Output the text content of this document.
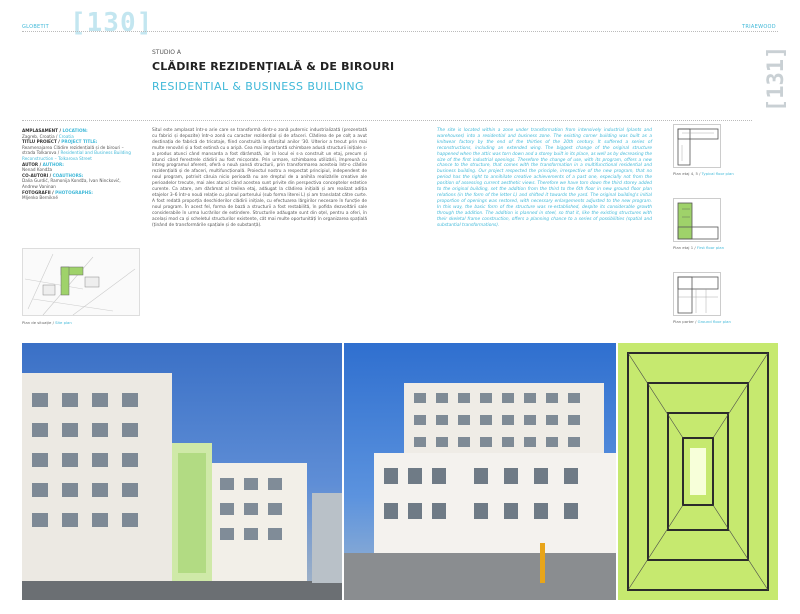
GLOBETIT [130]	TRIAEWOOD
[131]
STUDIO A
CLĂDIRE REZIDENȚIALĂ & DE BIROURI
RESIDENTIAL & BUSINESS BUILDING
AMPLASAMENT / LOCATION:
Zagreb, Croația / Croatia
TITLU PROIECT / PROJECT TITLE:
Reamenajarea Clădire rezidențială și de birouri – strada Tolkarova / Residential and Business Building Reconstruction – Tolkarova Street
AUTOR / AUTHOR:
Nenad Kondža
CO-AUTORI / COAUTHORS:
Dalia Gurdić, Ramonija Kondža, Ivan Nincković, Andrew Vaninan
FOTOGRAFII / PHOTOGRAPHS:
Mljenko Bernikné
Plan de situație / Site plan
Situl este amplasat într-o arie care se transformă dintr-o zonă puternic industrializată (prezentată cu fabrici și depozite) într-o zonă cu caracter rezidențial și de afaceri. Clădirea de pe colț a avut destinația de fabrică de tricotaje, fiind construită la sfârșitul anilor '30. Ulterior a trecut prin mai multe renovări și a fost extinsă cu o aripă. Cea mai importantă schimbare adusă structurii inițiale s-a produs atunci când mansarda a fost dărâmată, iar în locul ei s-a construit un etaj, precum și atunci când ferestrele clădirii au fost micșorate. Prin urmare, schimbarea utilizării, împreună cu întreg programul aferent, oferă o nouă șansă structurii, prin transformarea acesteia într-o clădire rezidențială și de afaceri, multifuncțională. Proiectul nostru a respectat principiul, independent de noul program, potrivit căruia nicio perioadă nu are dreptul de a anihila realizările creative ale perioadelor trecute, mai ales atunci când acestea sunt privite din perspectiva conceptelor estetice curente. Ca atare, am dărâmat al treilea etaj, adăugat la clădirea inițială și am realizat adiția etajelor 3–6 într-o nouă relație cu planul parterului (sub forma literei L) și am translatat către curte. A fost redată proporția deschiderilor clădirii inițiale, cu efectuarea lărgirilor necesare în funcție de noul program. În acest fel, forma de bază a structurii a fost restabilită, în pofida dezvoltării sale considerabile în urma lucrărilor de extindere. Structurile adăugate sunt din oțel, pentru a oferi, în același mod ca și scheletul structurilor existente, cât mai multe oportunități în organizarea spațială (ținând de transformările spațiale și de substanță).
The site is located within a zone under transformation from intensively industrial (plants and warehouses) into a residential and business zone. The existing corner building was built as a knitwear factory by the end of the thirties of the 20th century. It suffered a series of reconstructions, including an extended wing. The biggest change of the original structure happened when the attic was torn down and a storey built in its place, as well as by decreasing the size of the first industrial openings. Therefore the change of use, with its program, offers a new chance to the structure, that comes with the transformation in a multifunctional residential and business building. Our project respected the principle, irrespective of the new program, that no period has the right to annihilate creative achievements of a past one, especially not from the position of assessing current aesthetic views. Therefore we have torn down the third storey added to the original building, set the addition from the third to the 6th floor in new ground floor plan relations (in the form of the letter L) and shifted it towards the yard. The original building's initial proportion of openings was restored, with necessary enlargements adjusted to the new program. In this way, the basic form of the structure was re-established, despite its considerable growth through the addition. The addition is planned in steel, so that it, like the existing structures with their skeletal frame construction, offers a planning chance to a series of possibilities (spatial and substantial transformations).
Plan etaj 4, 5 / Typical floor plan
Plan etaj 1 / First floor plan
Plan parter / Ground floor plan
